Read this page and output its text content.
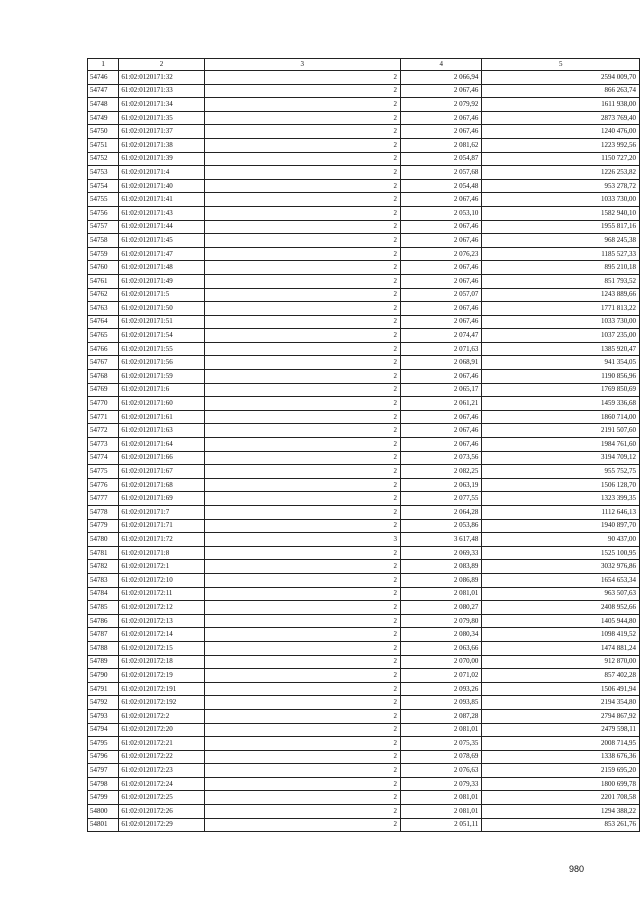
1	2	3	4	5
54746	61:02:0120171:32	2	2 066,94	2594 009,70
54747	61:02:0120171:33	2	2 067,46	866 263,74
54748	61:02:0120171:34	2	2 079,92	1611 938,00
54749	61:02:0120171:35	2	2 067,46	2873 769,40
54750	61:02:0120171:37	2	2 067,46	1240 476,00
54751	61:02:0120171:38	2	2 081,62	1223 992,56
54752	61:02:0120171:39	2	2 054,87	1150 727,20
54753	61:02:0120171:4	2	2 057,68	1226 253,82
54754	61:02:0120171:40	2	2 054,48	953 278,72
54755	61:02:0120171:41	2	2 067,46	1033 730,00
54756	61:02:0120171:43	2	2 053,10	1582 940,10
54757	61:02:0120171:44	2	2 067,46	1955 817,16
54758	61:02:0120171:45	2	2 067,46	968 245,38
54759	61:02:0120171:47	2	2 076,23	1185 527,33
54760	61:02:0120171:48	2	2 067,46	895 210,18
54761	61:02:0120171:49	2	2 067,46	851 793,52
54762	61:02:0120171:5	2	2 057,07	1243 889,66
54763	61:02:0120171:50	2	2 067,46	1771 813,22
54764	61:02:0120171:51	2	2 067,46	1033 730,00
54765	61:02:0120171:54	2	2 074,47	1037 235,00
54766	61:02:0120171:55	2	2 071,63	1385 920,47
54767	61:02:0120171:56	2	2 068,91	941 354,05
54768	61:02:0120171:59	2	2 067,46	1190 856,96
54769	61:02:0120171:6	2	2 065,17	1769 850,69
54770	61:02:0120171:60	2	2 061,21	1459 336,68
54771	61:02:0120171:61	2	2 067,46	1860 714,00
54772	61:02:0120171:63	2	2 067,46	2191 507,60
54773	61:02:0120171:64	2	2 067,46	1984 761,60
54774	61:02:0120171:66	2	2 073,56	3194 709,12
54775	61:02:0120171:67	2	2 082,25	955 752,75
54776	61:02:0120171:68	2	2 063,19	1506 128,70
54777	61:02:0120171:69	2	2 077,55	1323 399,35
54778	61:02:0120171:7	2	2 064,28	1112 646,13
54779	61:02:0120171:71	2	2 053,86	1940 897,70
54780	61:02:0120171:72	3	3 617,48	90 437,00
54781	61:02:0120171:8	2	2 069,33	1525 100,95
54782	61:02:0120172:1	2	2 083,89	3032 976,86
54783	61:02:0120172:10	2	2 086,89	1654 653,34
54784	61:02:0120172:11	2	2 081,01	963 507,63
54785	61:02:0120172:12	2	2 080,27	2408 952,66
54786	61:02:0120172:13	2	2 079,80	1405 944,80
54787	61:02:0120172:14	2	2 080,34	1098 419,52
54788	61:02:0120172:15	2	2 063,66	1474 881,24
54789	61:02:0120172:18	2	2 070,00	912 870,00
54790	61:02:0120172:19	2	2 071,02	857 402,28
54791	61:02:0120172:191	2	2 093,26	1506 491,94
54792	61:02:0120172:192	2	2 093,85	2194 354,80
54793	61:02:0120172:2	2	2 087,28	2794 867,92
54794	61:02:0120172:20	2	2 081,01	2479 598,11
54795	61:02:0120172:21	2	2 075,35	2008 714,95
54796	61:02:0120172:22	2	2 078,69	1338 676,36
54797	61:02:0120172:23	2	2 076,63	2159 695,20
54798	61:02:0120172:24	2	2 079,33	1800 699,78
54799	61:02:0120172:25	2	2 081,01	2201 708,58
54800	61:02:0120172:26	2	2 081,01	1294 388,22
54801	61:02:0120172:29	2	2 051,11	853 261,76
980
